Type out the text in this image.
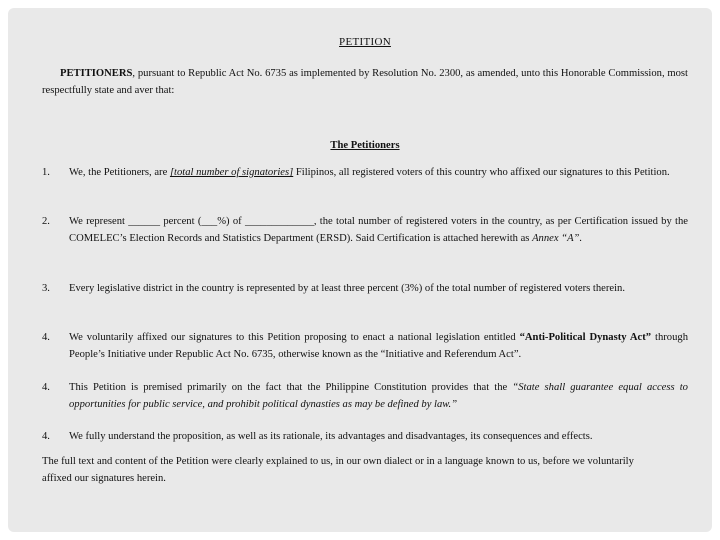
PETITION
PETITIONERS, pursuant to Republic Act No. 6735 as implemented by Resolution No. 2300, as amended, unto this Honorable Commission, most respectfully state and aver that:
The Petitioners
1.	We, the Petitioners, are [total number of signatories] Filipinos, all registered voters of this country who affixed our signatures to this Petition.
2.	We represent ______ percent (___%) of _____________, the total number of registered voters in the country, as per Certification issued by the COMELEC’s Election Records and Statistics Department (ERSD). Said Certification is attached herewith as Annex “A”.
3.	Every legislative district in the country is represented by at least three percent (3%) of the total number of registered voters therein.
4.	We voluntarily affixed our signatures to this Petition proposing to enact a national legislation entitled “Anti-Political Dynasty Act” through People’s Initiative under Republic Act No. 6735, otherwise known as the “Initiative and Referendum Act”.
4.	This Petition is premised primarily on the fact that the Philippine Constitution provides that the “State shall guarantee equal access to opportunities for public service, and prohibit political dynasties as may be defined by law.”
4.	We fully understand the proposition, as well as its rationale, its advantages and disadvantages, its consequences and effects.
The full text and content of the Petition were clearly explained to us, in our own dialect or in a language known to us, before we voluntarily affixed our signatures herein.
